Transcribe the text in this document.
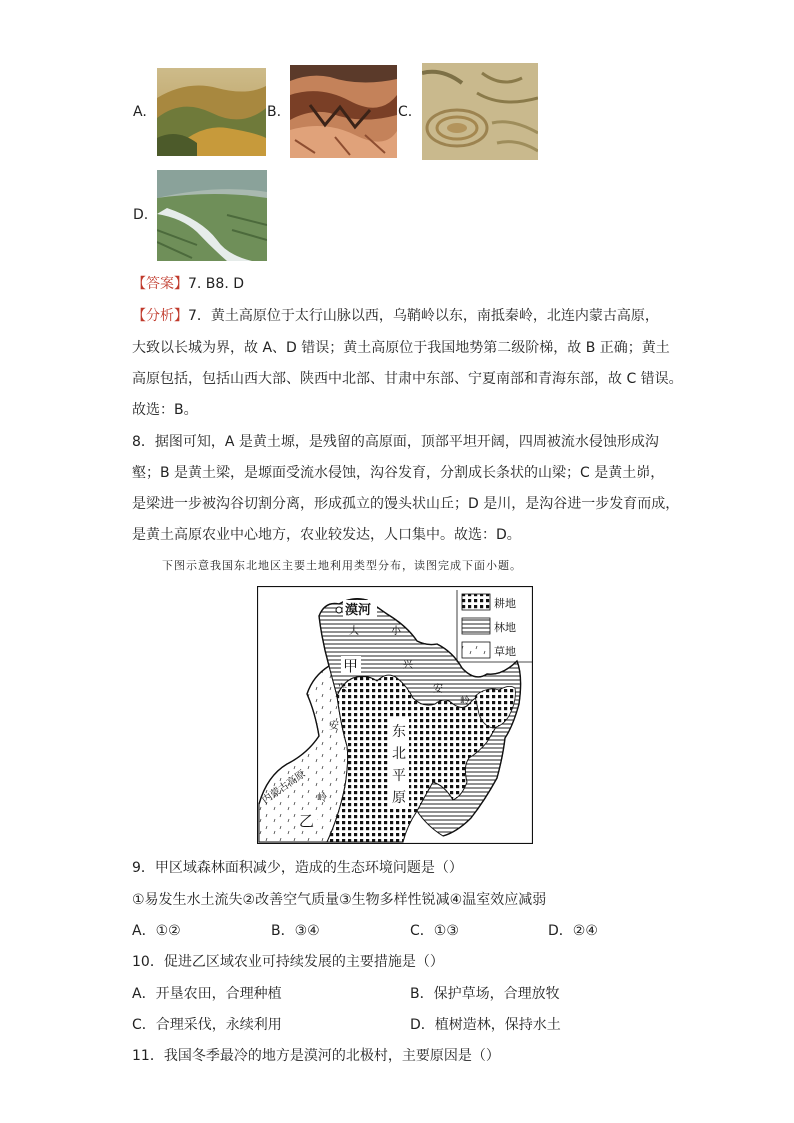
A.	B.	C.
D.
【答案】7. B8. D
【分析】7．黄土高原位于太行山脉以西，乌鞘岭以东，南抵秦岭，北连内蒙古高原，
大致以长城为界，故 A、D 错误；黄土高原位于我国地势第二级阶梯，故 B 正确；黄土
高原包括，包括山西大部、陕西中北部、甘肃中东部、宁夏南部和青海东部，故 C 错误。
故选：B。
8．据图可知，A 是黄土塬，是残留的高原面，顶部平坦开阔，四周被流水侵蚀形成沟
壑；B 是黄土梁，是塬面受流水侵蚀，沟谷发育，分割成长条状的山梁；C 是黄土峁，
是梁进一步被沟谷切割分离，形成孤立的馒头状山丘；D 是川，是沟谷进一步发育而成，
是黄土高原农业中心地方，农业较发达，人口集中。故选：D。
下图示意我国东北地区主要土地利用类型分布，读图完成下面小题。
漠河	耕地
林地
草地
甲
大
兴
安
岭
小
兴
安
岭
东
北
平
原
内蒙古高原
乙
9．甲区域森林面积减少，造成的生态环境问题是（）
①易发生水土流失②改善空气质量③生物多样性锐减④温室效应减弱
A．①②	B．③④	C．①③	D．②④
10．促进乙区域农业可持续发展的主要措施是（）
A．开垦农田，合理种植	B．保护草场，合理放牧
C．合理采伐，永续利用	D．植树造林，保持水土
11．我国冬季最冷的地方是漠河的北极村，主要原因是（）
